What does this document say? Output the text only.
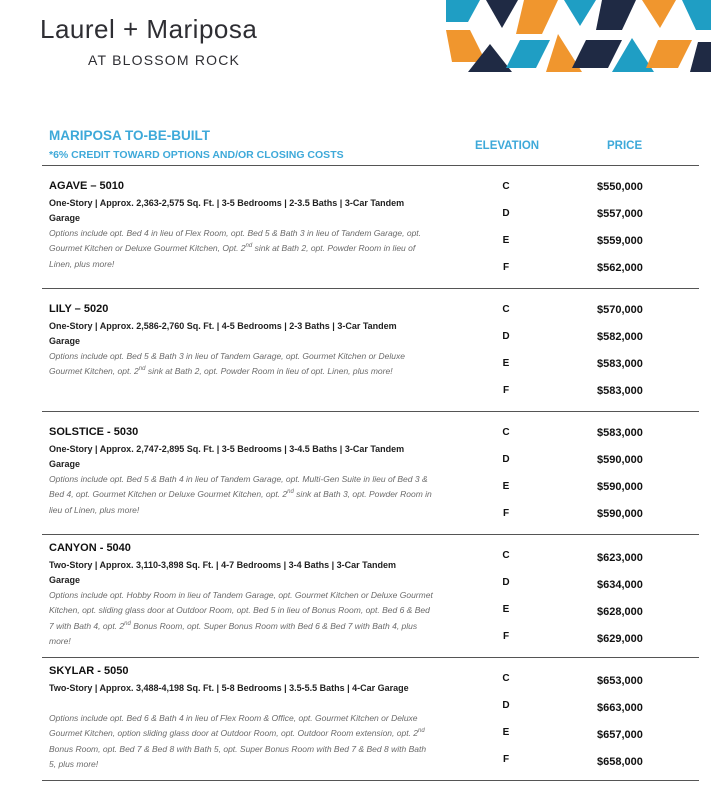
Laurel + Mariposa
AT BLOSSOM ROCK
MARIPOSA TO-BE-BUILT
*6% CREDIT TOWARD OPTIONS AND/OR CLOSING COSTS
ELEVATION	PRICE
AGAVE – 5010
One-Story | Approx. 2,363-2,575 Sq. Ft. | 3-5 Bedrooms | 2-3.5 Baths | 3-Car Tandem Garage
Options include opt. Bed 4 in lieu of Flex Room, opt. Bed 5 & Bath 3 in lieu of Tandem Garage, opt. Gourmet Kitchen or Deluxe Gourmet Kitchen, Opt. 2nd sink at Bath 2, opt. Powder Room in lieu of Linen, plus more!
C
D
E
F
$550,000
$557,000
$559,000
$562,000
LILY – 5020
One-Story | Approx. 2,586-2,760 Sq. Ft. | 4-5 Bedrooms | 2-3 Baths | 3-Car Tandem Garage
Options include opt. Bed 5 & Bath 3 in lieu of Tandem Garage, opt. Gourmet Kitchen or Deluxe Gourmet Kitchen, opt. 2nd sink at Bath 2, opt. Powder Room in lieu of opt. Linen, plus more!
C
D
E
F
$570,000
$582,000
$583,000
$583,000
SOLSTICE - 5030
One-Story | Approx. 2,747-2,895 Sq. Ft. | 3-5 Bedrooms | 3-4.5 Baths | 3-Car Tandem Garage
Options include opt. Bed 5 & Bath 4 in lieu of Tandem Garage, opt. Multi-Gen Suite in lieu of Bed 3 & Bed 4, opt. Gourmet Kitchen or Deluxe Gourmet Kitchen, opt. 2nd sink at Bath 3, opt. Powder Room in lieu of Linen, plus more!
C
D
E
F
$583,000
$590,000
$590,000
$590,000
CANYON - 5040
Two-Story | Approx. 3,110-3,898 Sq. Ft. | 4-7 Bedrooms | 3-4 Baths | 3-Car Tandem Garage
Options include opt. Hobby Room in lieu of Tandem Garage, opt. Gourmet Kitchen or Deluxe Gourmet Kitchen, opt. sliding glass door at Outdoor Room, opt. Bed 5 in lieu of Bonus Room, opt. Bed 6 & Bed 7 with Bath 4, opt. 2nd Bonus Room, opt. Super Bonus Room with Bed 6 & Bed 7 with Bath 4, plus more!
C
D
E
F
$623,000
$634,000
$628,000
$629,000
SKYLAR - 5050
Two-Story | Approx. 3,488-4,198 Sq. Ft. | 5-8 Bedrooms | 3.5-5.5 Baths | 4-Car Garage
Options include opt. Bed 6 & Bath 4 in lieu of Flex Room & Office, opt. Gourmet Kitchen or Deluxe Gourmet Kitchen, option sliding glass door at Outdoor Room, opt. Outdoor Room extension, opt. 2nd Bonus Room, opt. Bed 7 & Bed 8 with Bath 5, opt. Super Bonus Room with Bed 7 & Bed 8 with Bath 5, plus more!
C
D
E
F
$653,000
$663,000
$657,000
$658,000
